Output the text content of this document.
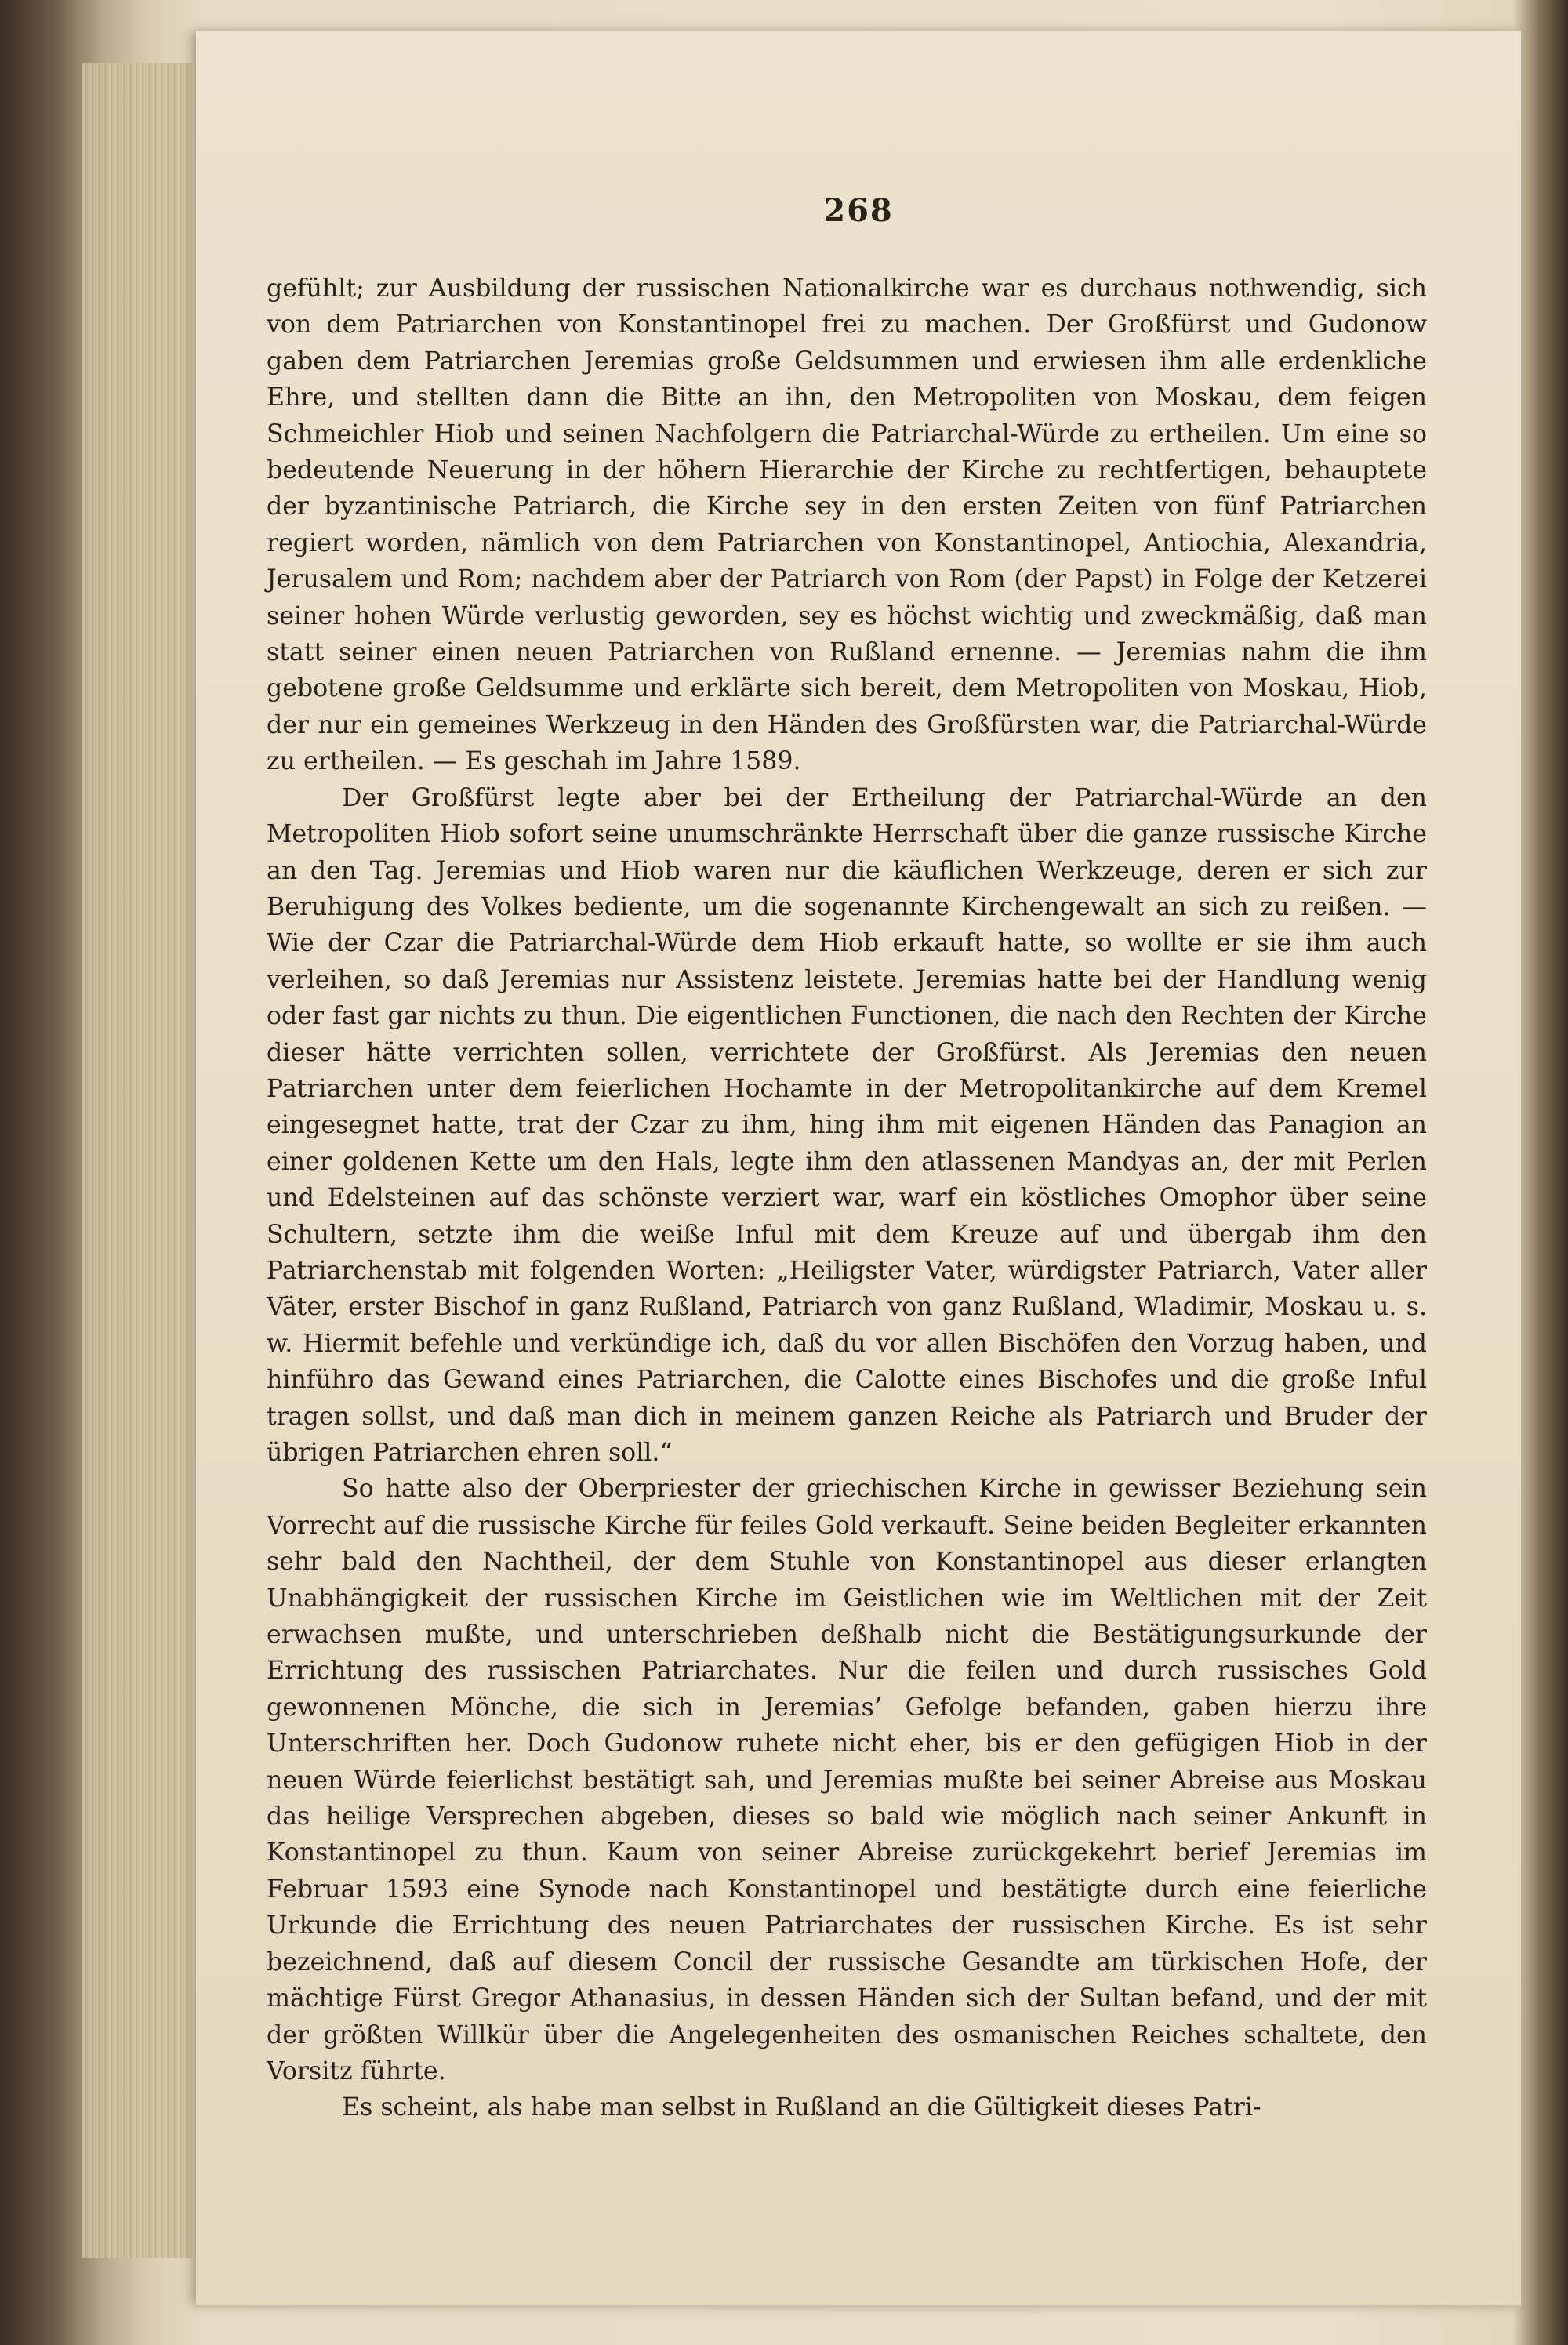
268

gefühlt; zur Ausbildung der russischen Nationalkirche war es durchaus nothwendig, sich von dem Patriarchen von Konstantinopel frei zu machen. Der Großfürst und Gudonow gaben dem Patriarchen Jeremias große Geldsummen und erwiesen ihm alle erdenkliche Ehre, und stellten dann die Bitte an ihn, den Metropoliten von Moskau, dem feigen Schmeichler Hiob und seinen Nachfolgern die Patriarchal-Würde zu ertheilen. Um eine so bedeutende Neuerung in der höhern Hierarchie der Kirche zu rechtfertigen, behauptete der byzantinische Patriarch, die Kirche sey in den ersten Zeiten von fünf Patriarchen regiert worden, nämlich von dem Patriarchen von Konstantinopel, Antiochia, Alexandria, Jerusalem und Rom; nachdem aber der Patriarch von Rom (der Papst) in Folge der Ketzerei seiner hohen Würde verlustig geworden, sey es höchst wichtig und zweckmäßig, daß man statt seiner einen neuen Patriarchen von Rußland ernenne. — Jeremias nahm die ihm gebotene große Geldsumme und erklärte sich bereit, dem Metropoliten von Moskau, Hiob, der nur ein gemeines Werkzeug in den Händen des Großfürsten war, die Patriarchal-Würde zu ertheilen. — Es geschah im Jahre 1589.

Der Großfürst legte aber bei der Ertheilung der Patriarchal-Würde an den Metropoliten Hiob sofort seine unumschränkte Herrschaft über die ganze russische Kirche an den Tag. Jeremias und Hiob waren nur die käuflichen Werkzeuge, deren er sich zur Beruhigung des Volkes bediente, um die sogenannte Kirchengewalt an sich zu reißen. — Wie der Czar die Patriarchal-Würde dem Hiob erkauft hatte, so wollte er sie ihm auch verleihen, so daß Jeremias nur Assistenz leistete. Jeremias hatte bei der Handlung wenig oder fast gar nichts zu thun. Die eigentlichen Functionen, die nach den Rechten der Kirche dieser hätte verrichten sollen, verrichtete der Großfürst. Als Jeremias den neuen Patriarchen unter dem feierlichen Hochamte in der Metropolitankirche auf dem Kremel eingesegnet hatte, trat der Czar zu ihm, hing ihm mit eigenen Händen das Panagion an einer goldenen Kette um den Hals, legte ihm den atlassenen Mandyas an, der mit Perlen und Edelsteinen auf das schönste verziert war, warf ein köstliches Omophor über seine Schultern, setzte ihm die weiße Inful mit dem Kreuze auf und übergab ihm den Patriarchenstab mit folgenden Worten: „Heiligster Vater, würdigster Patriarch, Vater aller Väter, erster Bischof in ganz Rußland, Patriarch von ganz Rußland, Wladimir, Moskau u. s. w. Hiermit befehle und verkündige ich, daß du vor allen Bischöfen den Vorzug haben, und hinführo das Gewand eines Patriarchen, die Calotte eines Bischofes und die große Inful tragen sollst, und daß man dich in meinem ganzen Reiche als Patriarch und Bruder der übrigen Patriarchen ehren soll.“

So hatte also der Oberpriester der griechischen Kirche in gewisser Beziehung sein Vorrecht auf die russische Kirche für feiles Gold verkauft. Seine beiden Begleiter erkannten sehr bald den Nachtheil, der dem Stuhle von Konstantinopel aus dieser erlangten Unabhängigkeit der russischen Kirche im Geistlichen wie im Weltlichen mit der Zeit erwachsen mußte, und unterschrieben deßhalb nicht die Bestätigungsurkunde der Errichtung des russischen Patriarchates. Nur die feilen und durch russisches Gold gewonnenen Mönche, die sich in Jeremias’ Gefolge befanden, gaben hierzu ihre Unterschriften her. Doch Gudonow ruhete nicht eher, bis er den gefügigen Hiob in der neuen Würde feierlichst bestätigt sah, und Jeremias mußte bei seiner Abreise aus Moskau das heilige Versprechen abgeben, dieses so bald wie möglich nach seiner Ankunft in Konstantinopel zu thun. Kaum von seiner Abreise zurückgekehrt berief Jeremias im Februar 1593 eine Synode nach Konstantinopel und bestätigte durch eine feierliche Urkunde die Errichtung des neuen Patriarchates der russischen Kirche. Es ist sehr bezeichnend, daß auf diesem Concil der russische Gesandte am türkischen Hofe, der mächtige Fürst Gregor Athanasius, in dessen Händen sich der Sultan befand, und der mit der größten Willkür über die Angelegenheiten des osmanischen Reiches schaltete, den Vorsitz führte.

Es scheint, als habe man selbst in Rußland an die Gültigkeit dieses Patri-
